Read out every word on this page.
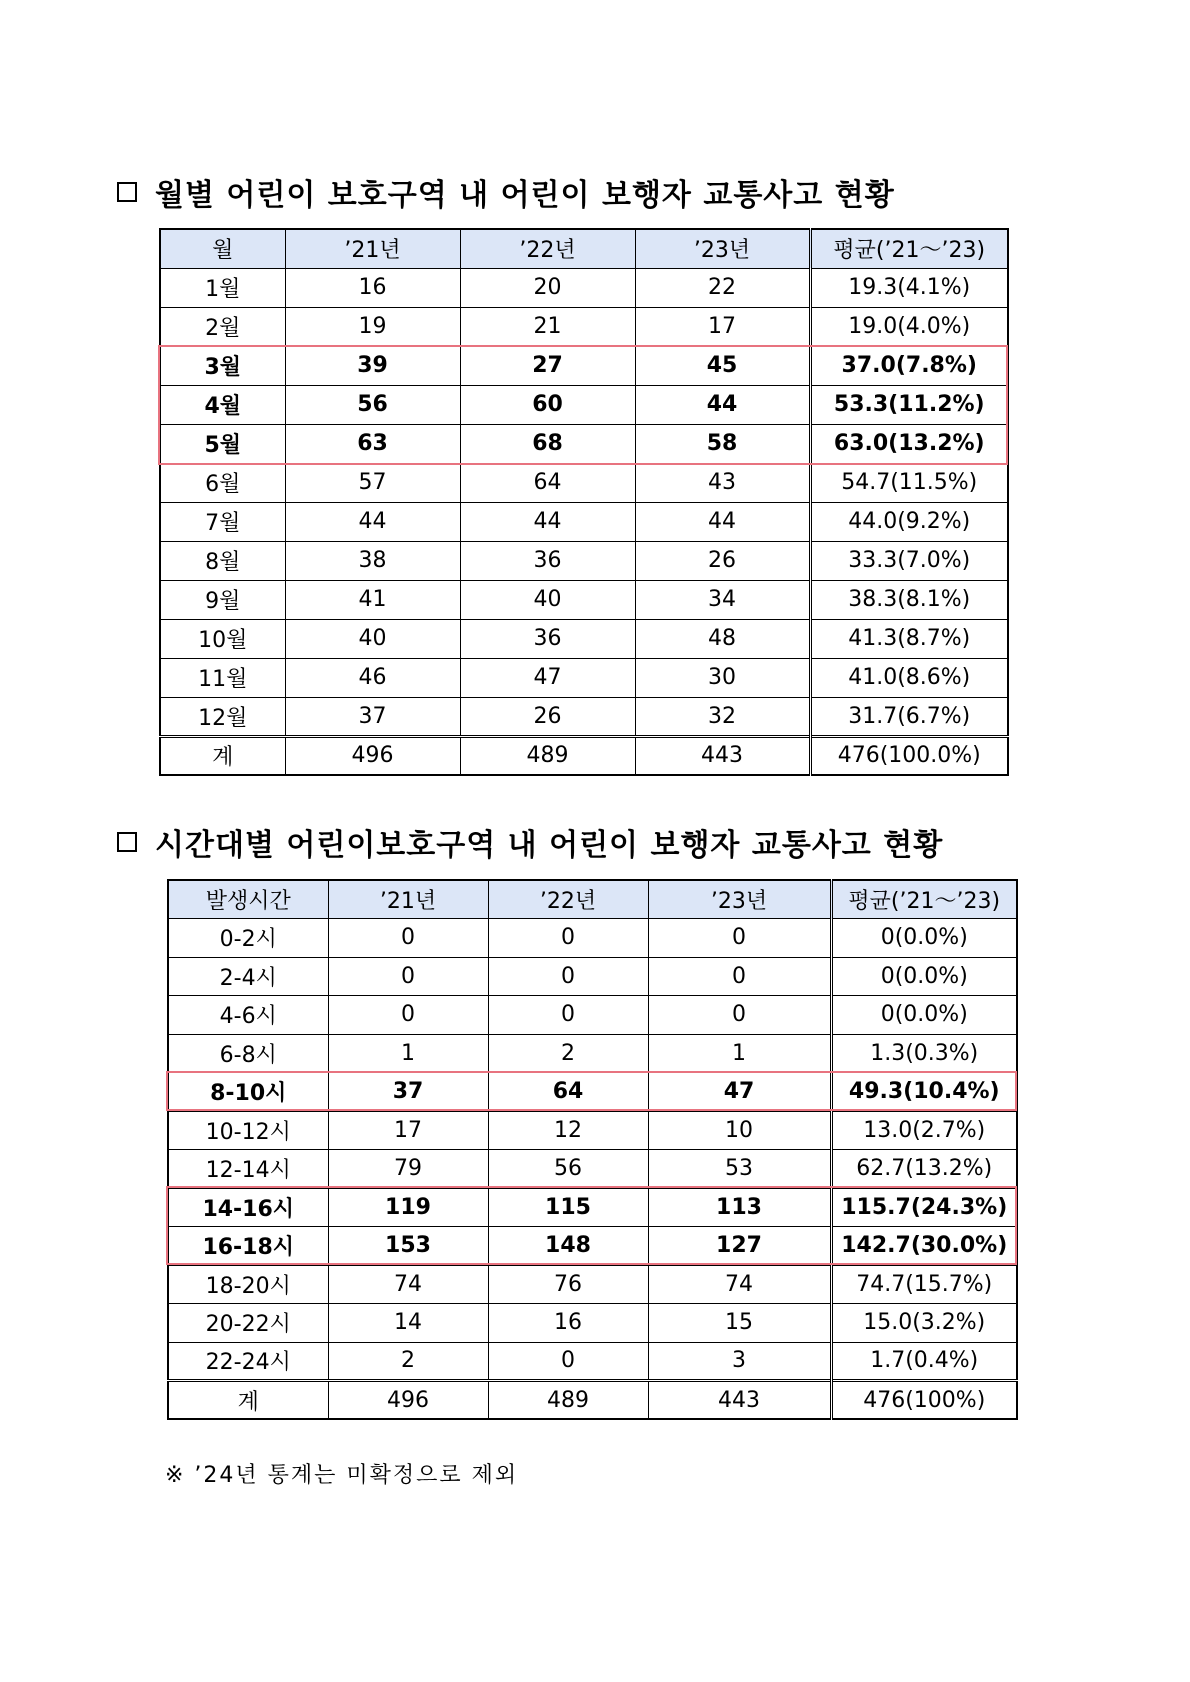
월별 어린이 보호구역 내 어린이 보행자 교통사고 현황
월	’21년	’22년	’23년	평균(’21～’23)
1월	16	20	22	19.3(4.1%)
2월	19	21	17	19.0(4.0%)
3월	39	27	45	37.0(7.8%)
4월	56	60	44	53.3(11.2%)
5월	63	68	58	63.0(13.2%)
6월	57	64	43	54.7(11.5%)
7월	44	44	44	44.0(9.2%)
8월	38	36	26	33.3(7.0%)
9월	41	40	34	38.3(8.1%)
10월	40	36	48	41.3(8.7%)
11월	46	47	30	41.0(8.6%)
12월	37	26	32	31.7(6.7%)
계	496	489	443	476(100.0%)
시간대별 어린이보호구역 내 어린이 보행자 교통사고 현황
발생시간	’21년	’22년	’23년	평균(’21～’23)
0-2시	0	0	0	0(0.0%)
2-4시	0	0	0	0(0.0%)
4-6시	0	0	0	0(0.0%)
6-8시	1	2	1	1.3(0.3%)
8-10시	37	64	47	49.3(10.4%)
10-12시	17	12	10	13.0(2.7%)
12-14시	79	56	53	62.7(13.2%)
14-16시	119	115	113	115.7(24.3%)
16-18시	153	148	127	142.7(30.0%)
18-20시	74	76	74	74.7(15.7%)
20-22시	14	16	15	15.0(3.2%)
22-24시	2	0	3	1.7(0.4%)
계	496	489	443	476(100%)
※ ’24년 통계는 미확정으로 제외
